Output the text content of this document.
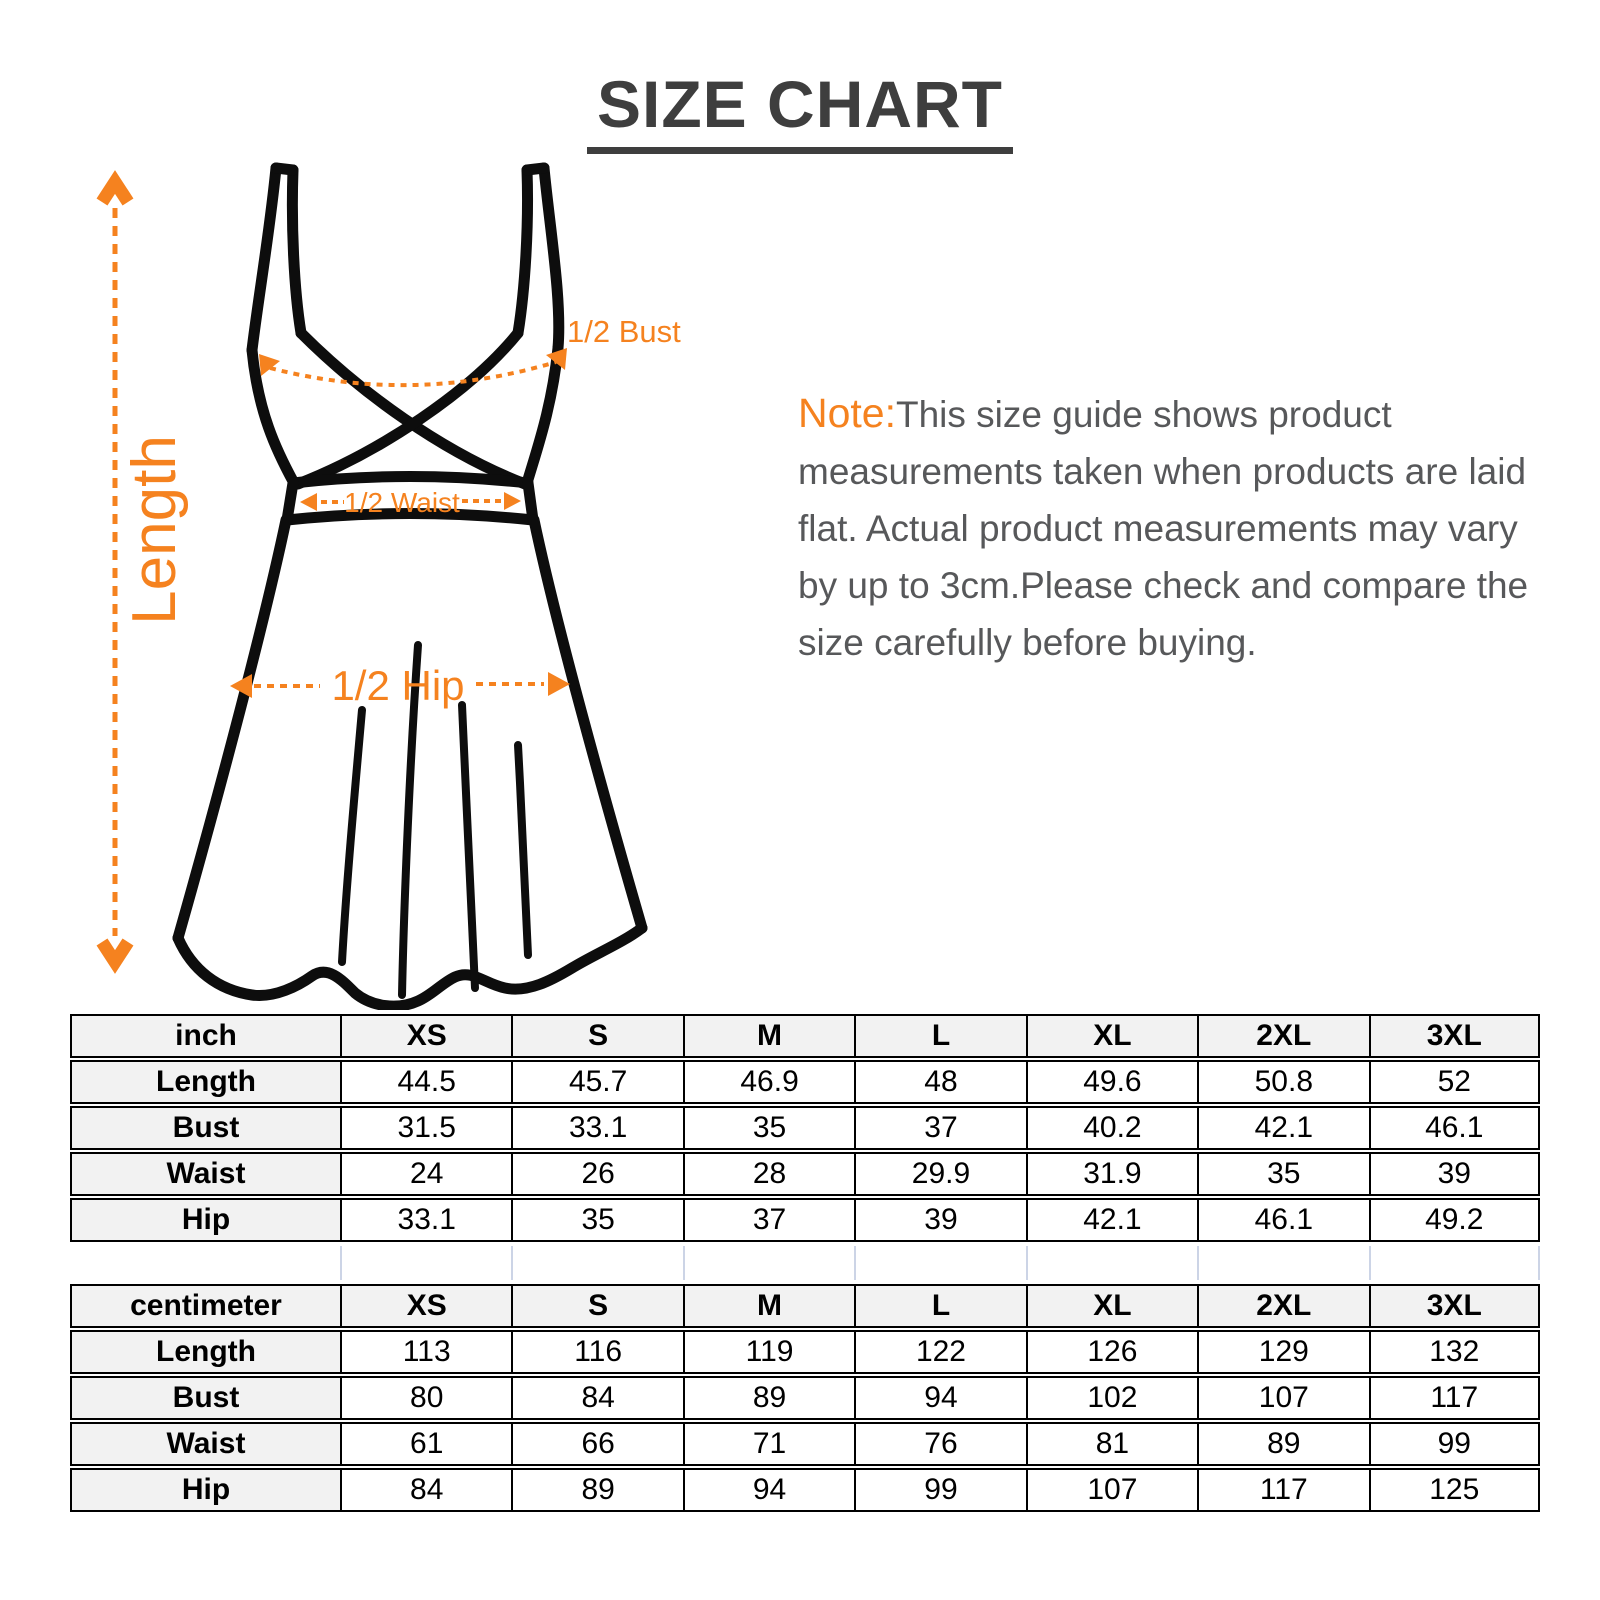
SIZE CHART
Length
1/2 Bust
1/2 Waist
1/2 Hip

Note:This size guide shows product measurements taken when products are laid flat. Actual product measurements may vary by up to 3cm.Please check and compare the size carefully before buying.

inch	XS	S	M	L	XL	2XL	3XL
Length	44.5	45.7	46.9	48	49.6	50.8	52
Bust	31.5	33.1	35	37	40.2	42.1	46.1
Waist	24	26	28	29.9	31.9	35	39
Hip	33.1	35	37	39	42.1	46.1	49.2
centimeter	XS	S	M	L	XL	2XL	3XL
Length	113	116	119	122	126	129	132
Bust	80	84	89	94	102	107	117
Waist	61	66	71	76	81	89	99
Hip	84	89	94	99	107	117	125
